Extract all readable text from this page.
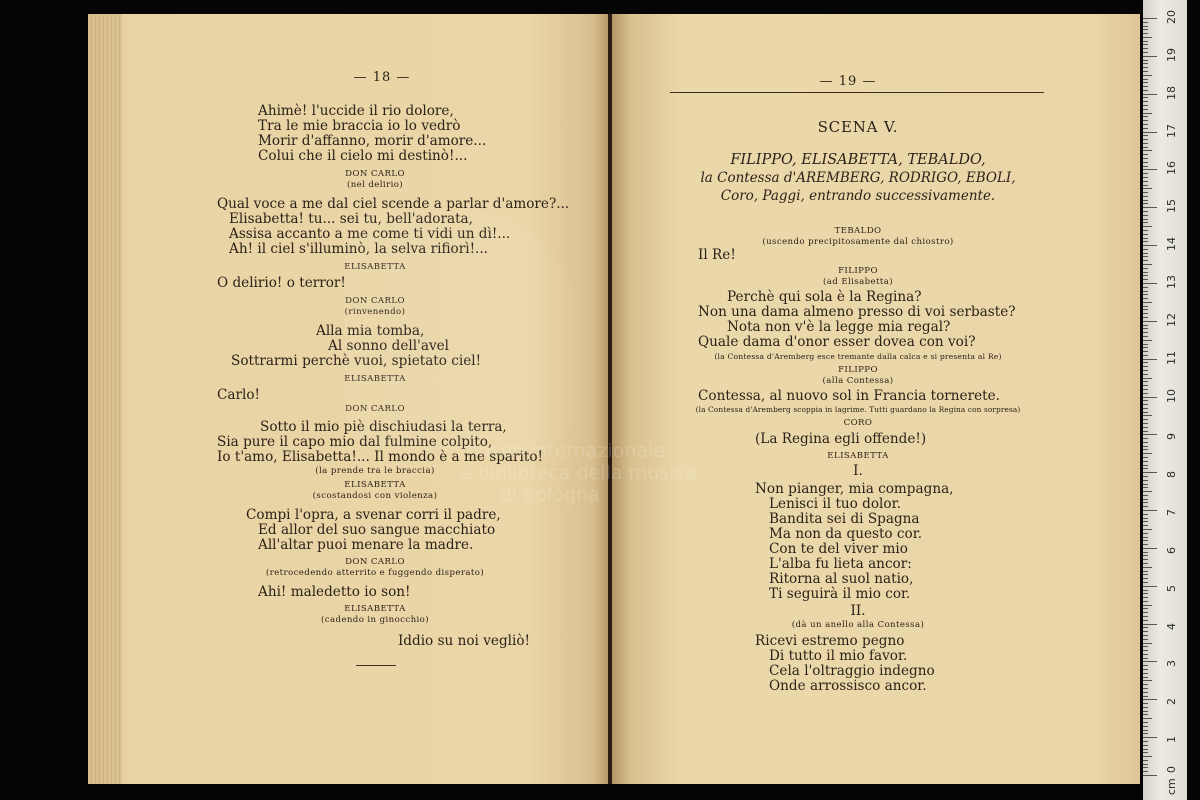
— 18 —

Ahimè! l'uccide il rio dolore,

Tra le mie braccia io lo vedrò

Morir d'affanno, morir d'amore...

Colui che il cielo mi destinò!...

DON CARLO

(nel delirio)

Qual voce a me dal ciel scende a parlar d'amore?...

Elisabetta! tu... sei tu, bell'adorata,

Assisa accanto a me come ti vidi un dì!...

Ah! il ciel s'illuminò, la selva rifiorì!...

ELISABETTA

O delirio! o terror!

DON CARLO

(rinvenendo)

Alla mia tomba,

Al sonno dell'avel

Sottrarmi perchè vuoi, spietato ciel!

ELISABETTA

Carlo!

DON CARLO

Sotto il mio piè dischiudasi la terra,

Sia pure il capo mio dal fulmine colpito,

Io t'amo, Elisabetta!... Il mondo è a me sparito!

(la prende tra le braccia)

ELISABETTA

(scostandosi con violenza)

Compi l'opra, a svenar corri il padre,

Ed allor del suo sangue macchiato

All'altar puoi menare la madre.

DON CARLO

(retrocedendo atterrito e fuggendo disperato)

Ahi! maledetto io son!

ELISABETTA

(cadendo in ginocchio)

Iddio su noi vegliò!

— 19 —
SCENA V.
FILIPPO, ELISABETTA, TEBALDO,
la Contessa d'AREMBERG, RODRIGO, EBOLI,
Coro, Paggi, entrando successivamente.

TEBALDO

(uscendo precipitosamente dal chiostro)

Il Re!

FILIPPO

(ad Elisabetta)

Perchè qui sola è la Regina?

Non una dama almeno presso di voi serbaste?

Nota non v'è la legge mia regal?

Quale dama d'onor esser dovea con voi?

(la Contessa d'Aremberg esce tremante dalla calca e si presenta al Re)

FILIPPO

(alla Contessa)

Contessa, al nuovo sol in Francia tornerete.

(la Contessa d'Aremberg scoppia in lagrime. Tutti guardano la Regina con sorpresa)

CORO

(La Regina egli offende!)

ELISABETTA

I.

Non pianger, mia compagna,

Lenisci il tuo dolor.

Bandita sei di Spagna

Ma non da questo cor.

Con te del viver mio

L'alba fu lieta ancor:

Ritorna al suol natio,

Ti seguirà il mio cor.

II.

(dà un anello alla Contessa)

Ricevi estremo pegno

Di tutto il mio favor.

Cela l'oltraggio indegno

Onde arrossisco ancor.

cm
1
2
3
4
5
6
7
8
9
10
11
12
13
14
15
16
17
18
19
20
0
